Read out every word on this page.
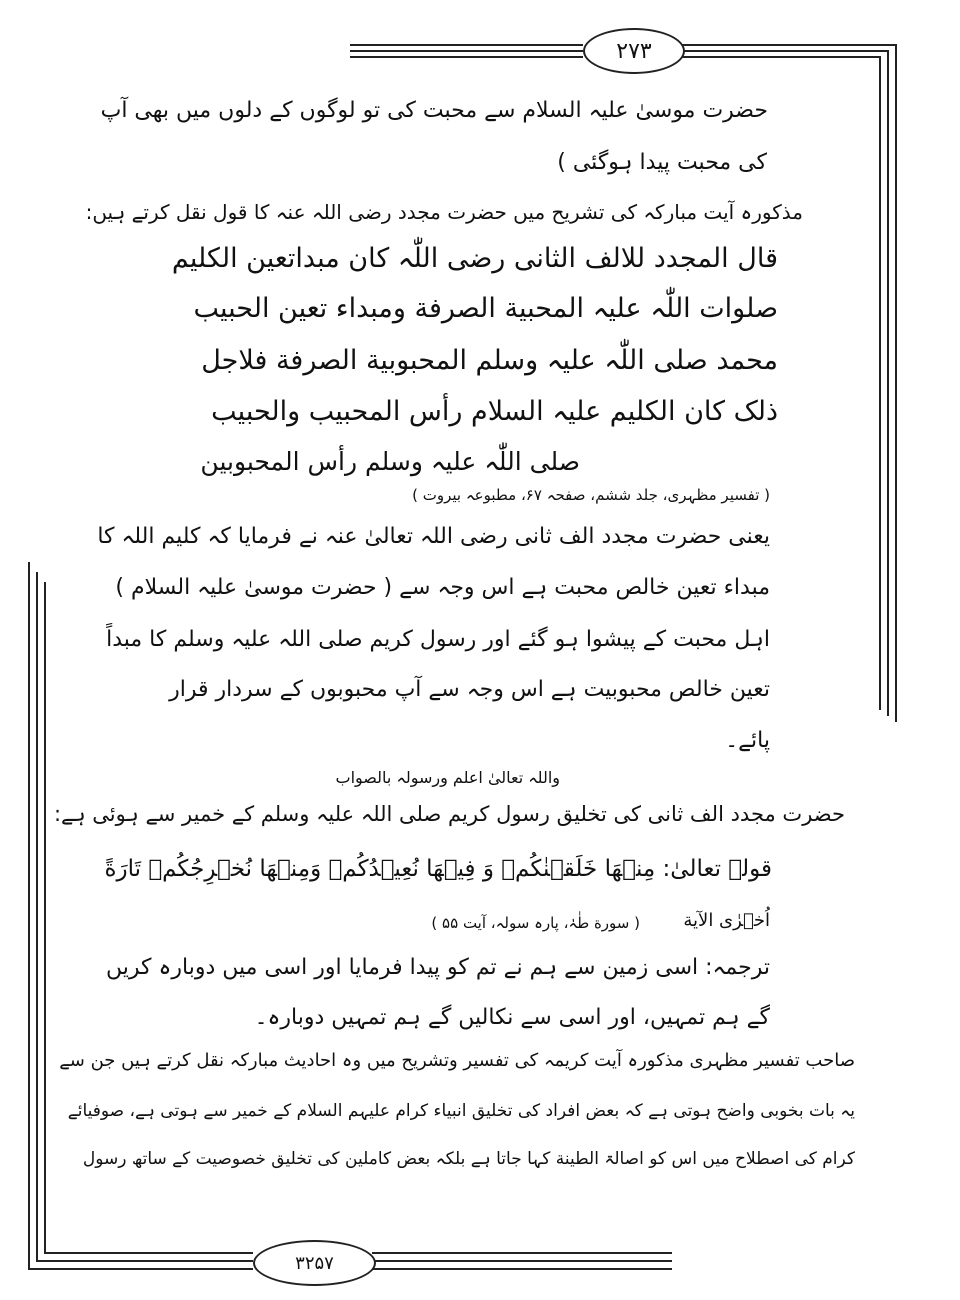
۲۷۳
۳۲۵۷
حضرت موسیٰ علیہ السلام سے محبت کی تو لوگوں کے دلوں میں بھی آپ
کی محبت پیدا ہوگئی )
مذکورہ آیت مبارکہ کی تشریح میں حضرت مجدد رضی اللہ عنہ کا قول نقل کرتے ہیں:
قال المجدد للالف الثانی رضی اللّٰہ کان مبداتعین الکلیم
صلوات اللّٰہ علیہ المحبیة الصرفة ومبداء تعین الحبیب
محمد صلی اللّٰہ علیہ وسلم المحبوبیة الصرفة فلاجل
ذلک کان الکلیم علیہ السلام رأس المحبیب والحبیب
صلی اللّٰہ علیہ وسلم رأس المحبوبین
( تفسیر مظہری، جلد ششم، صفحہ ۶۷، مطبوعہ بیروت )
یعنی حضرت مجدد الف ثانی رضی اللہ تعالیٰ عنہ نے فرمایا کہ کلیم اللہ کا
مبداء تعین خالص محبت ہے اس وجہ سے ( حضرت موسیٰ علیہ السلام )
اہل محبت کے پیشوا ہو گئے اور رسول کریم صلی اللہ علیہ وسلم کا مبداً
تعین خالص محبوبیت ہے اس وجہ سے آپ محبوبوں کے سردار قرار
پائے۔
واللہ تعالیٰ اعلم ورسولہ بالصواب
حضرت مجدد الف ثانی کی تخلیق رسول کریم صلی اللہ علیہ وسلم کے خمیر سے ہوئی ہے:
قولہ تعالیٰ: مِنۡهَا خَلَقۡنٰكُمۡ وَ فِيۡهَا نُعِيۡدُكُمۡ وَمِنۡهَا نُخۡرِجُكُمۡ تَارَةً
اُخۡرٰی الآیة
( سورة طٰہٰ، پارہ سولہ، آیت ۵۵ )
ترجمہ: اسی زمین سے ہم نے تم کو پیدا فرمایا اور اسی میں دوبارہ کریں
گے ہم تمہیں، اور اسی سے نکالیں گے ہم تمہیں دوبارہ۔
صاحب تفسیر مظہری مذکورہ آیت کریمہ کی تفسیر وتشریح میں وہ احادیث مبارکہ نقل کرتے ہیں جن سے
یہ بات بخوبی واضح ہوتی ہے کہ بعض افراد کی تخلیق انبیاء کرام علیہم السلام کے خمیر سے ہوتی ہے، صوفیائے
کرام کی اصطلاح میں اس کو اصالۃ الطینة کہا جاتا ہے بلکہ بعض کاملین کی تخلیق خصوصیت کے ساتھ رسول
